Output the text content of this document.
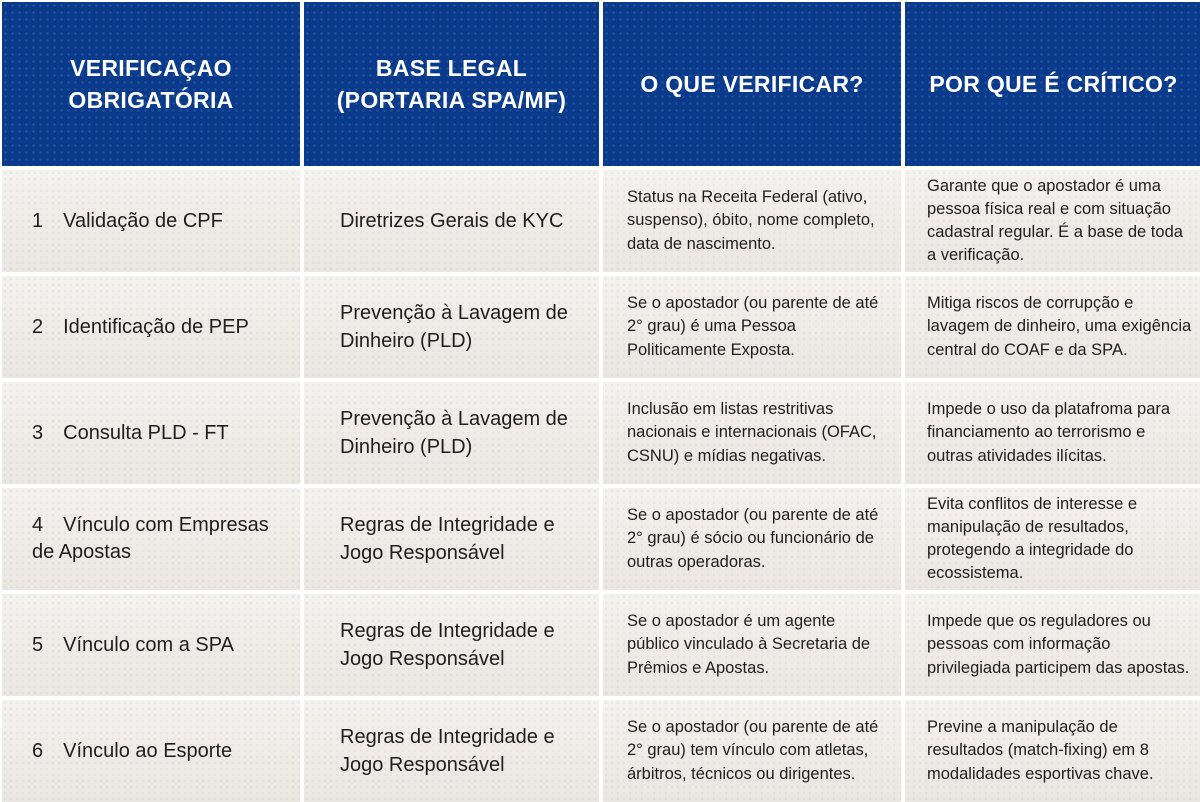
VERIFICAÇAO OBRIGATÓRIA
BASE LEGAL (PORTARIA SPA/MF)
O QUE VERIFICAR?	POR QUE É CRÍTICO?
1 Validação de CPF	Diretrizes Gerais de KYC
Status na Receita Federal (ativo, suspenso), óbito, nome completo, data de nascimento.
Garante que o apostador é uma pessoa física real e com situação cadastral regular. É a base de toda a verificação.
2 Identificação de PEP
Prevenção à Lavagem de Dinheiro (PLD)
Se o apostador (ou parente de até 2° grau) é uma Pessoa Politicamente Exposta.
Mitiga riscos de corrupção e lavagem de dinheiro, uma exigência central do COAF e da SPA.
3 Consulta PLD - FT
Prevenção à Lavagem de Dinheiro (PLD)
Inclusão em listas restritivas nacionais e internacionais (OFAC, CSNU) e mídias negativas.
Impede o uso da platafroma para financiamento ao terrorismo e outras atividades ilícitas.
4 Vínculo com Empresas de Apostas
Regras de Integridade e Jogo Responsável
Se o apostador (ou parente de até 2° grau) é sócio ou funcionário de outras operadoras.
Evita conflitos de interesse e manipulação de resultados, protegendo a integridade do ecossistema.
5 Vínculo com a SPA
Regras de Integridade e Jogo Responsável
Se o apostador é um agente público vinculado à Secretaria de Prêmios e Apostas.
Impede que os reguladores ou pessoas com informação privilegiada participem das apostas.
6 Vínculo ao Esporte
Regras de Integridade e Jogo Responsável
Se o apostador (ou parente de até 2° grau) tem vínculo com atletas, árbitros, técnicos ou dirigentes.
Previne a manipulação de resultados (match-fixing) em 8 modalidades esportivas chave.
